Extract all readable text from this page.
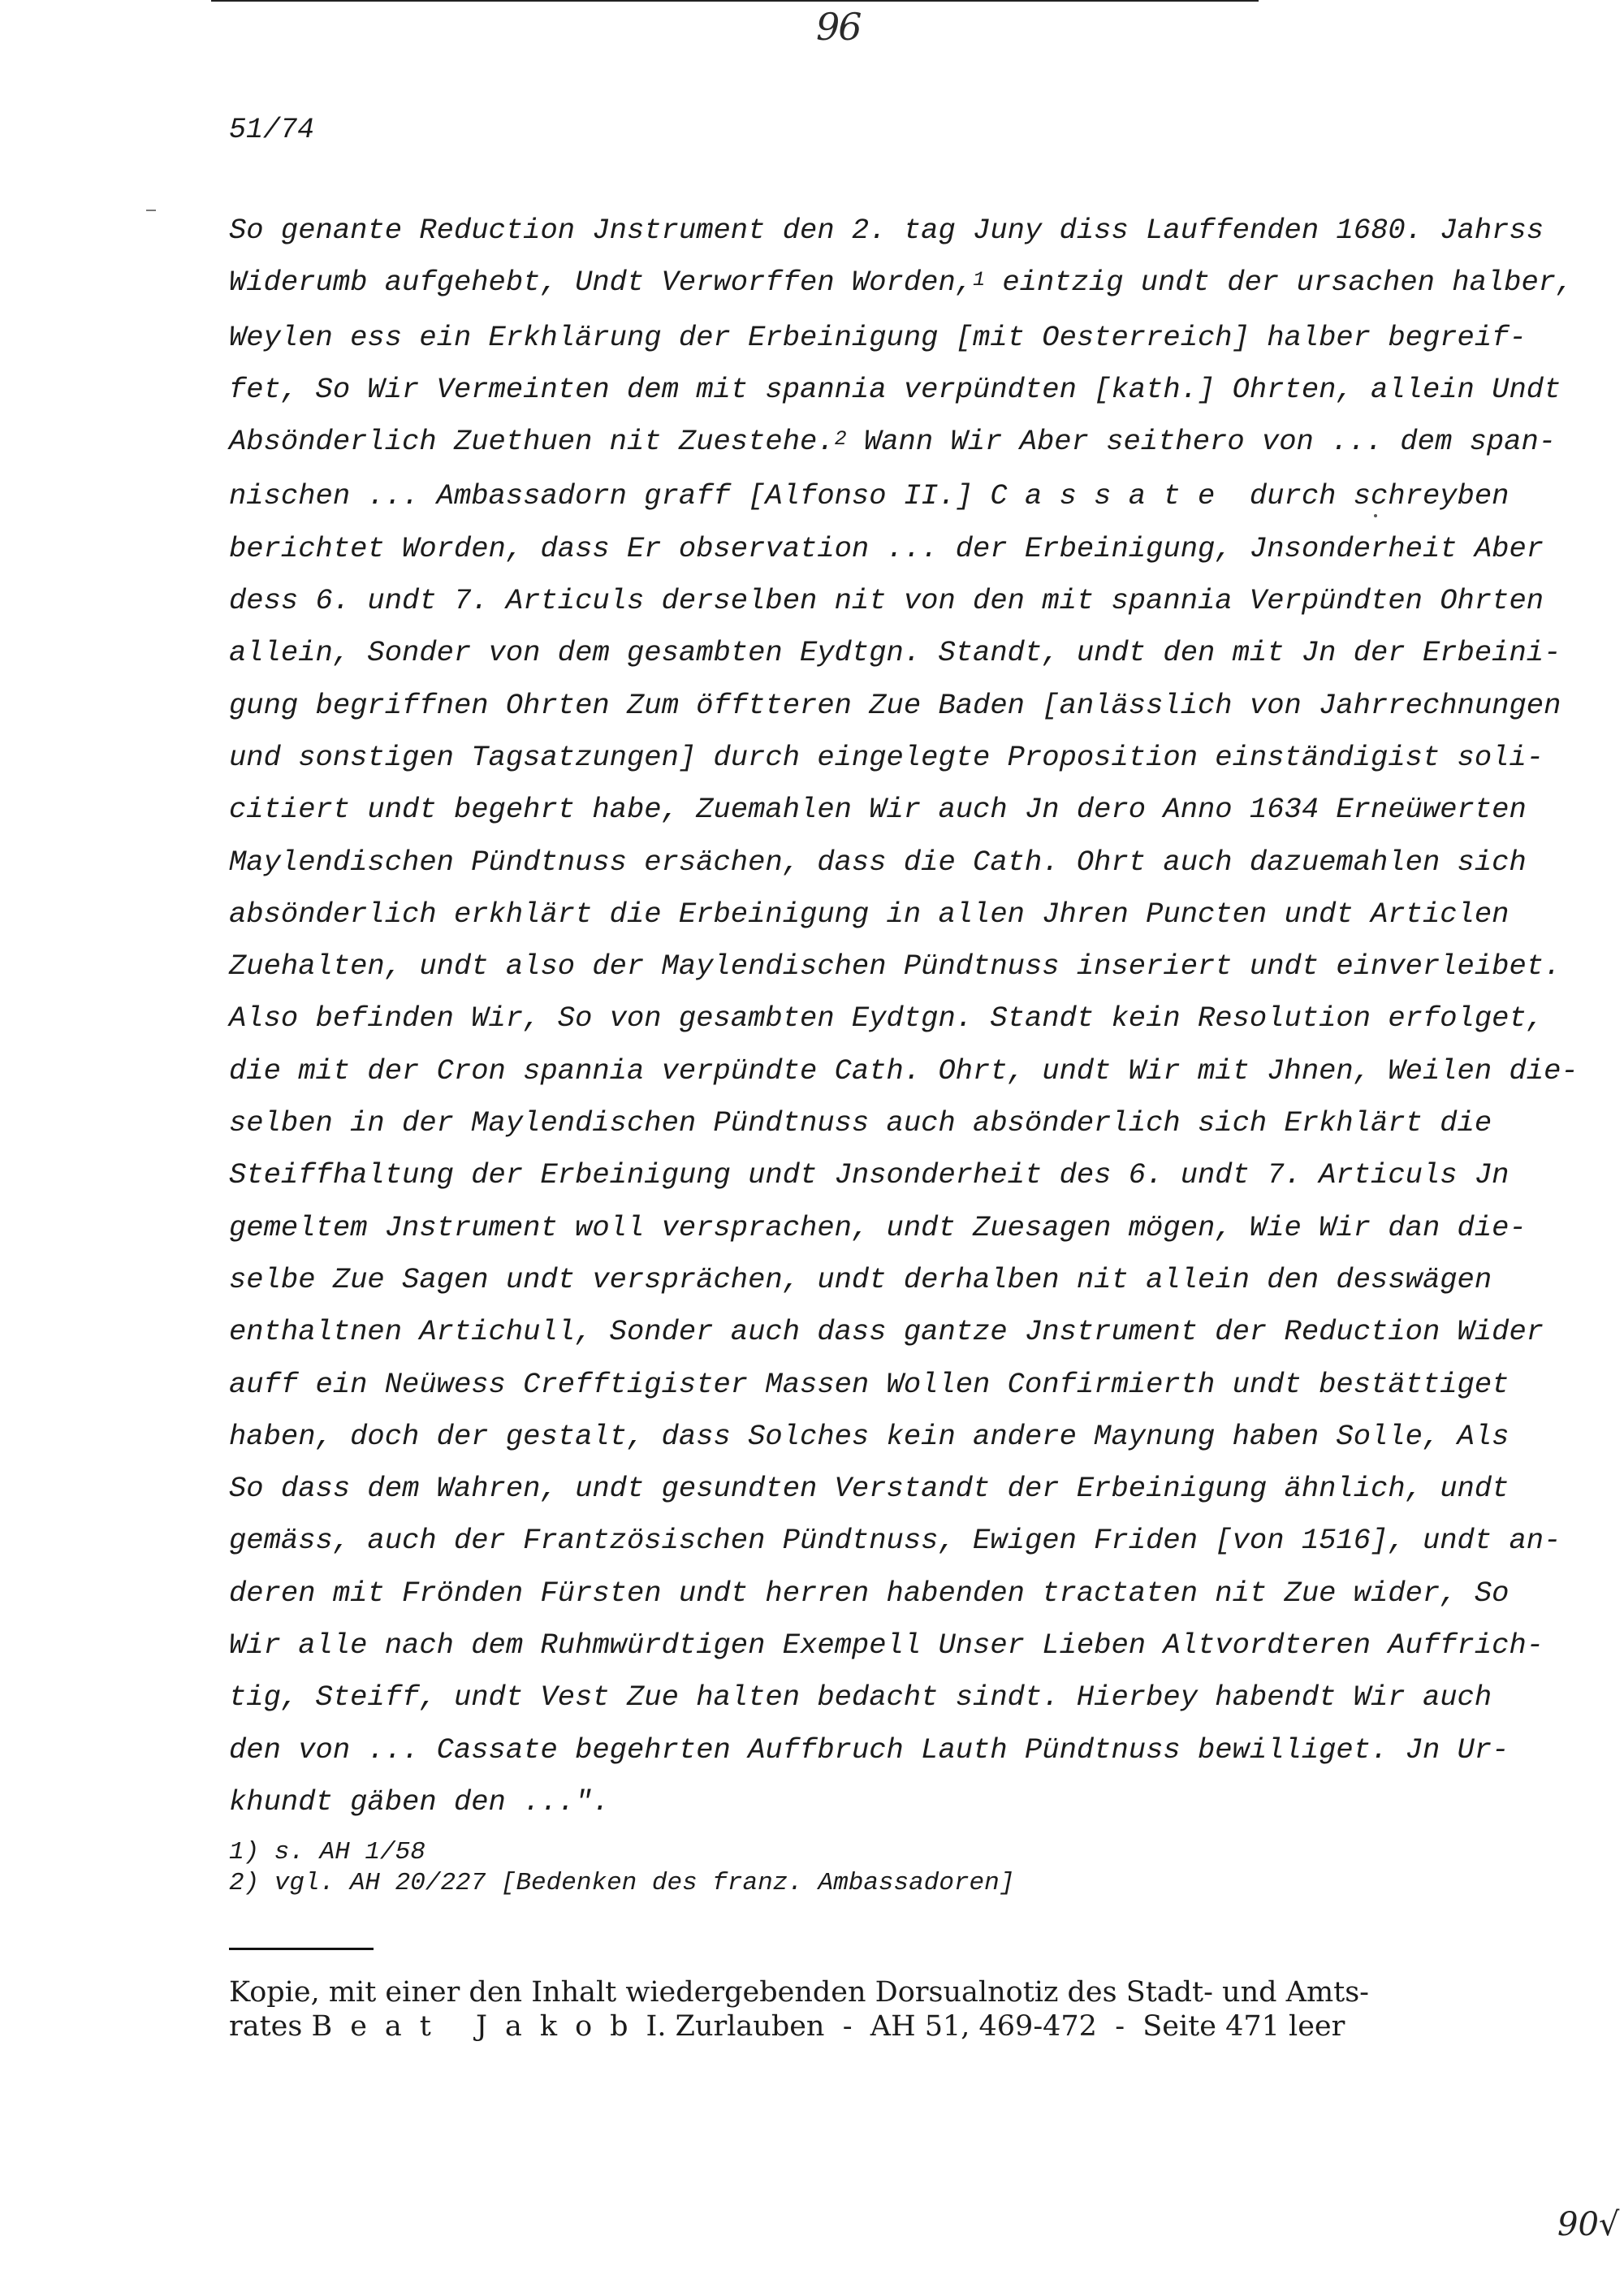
96
51/74
So genante Reduction Jnstrument den 2. tag Juny diss Lauffenden 1680. Jahrss
Widerumb aufgehebt, Undt Verworffen Worden,$^1$ eintzig undt der ursachen halber,
Weylen ess ein Erkhlärung der Erbeinigung [mit Oesterreich] halber begreif-
fet, So Wir Vermeinten dem mit spannia verpündten [kath.] Ohrten, allein Undt
Absönderlich Zuethuen nit Zuestehe.$^2$ Wann Wir Aber seithero von ... dem span-
nischen ... Ambassadorn graff [Alfonso II.] C a s s a t e  durch schreyben
berichtet Worden, dass Er observation ... der Erbeinigung, Jnsonderheit Aber
dess 6. undt 7. Articuls derselben nit von den mit spannia Verpündten Ohrten
allein, Sonder von dem gesambten Eydtgn. Standt, undt den mit Jn der Erbeini-
gung begriffnen Ohrten Zum öfftteren Zue Baden [anlässlich von Jahrrechnungen
und sonstigen Tagsatzungen] durch eingelegte Proposition einständigist soli-
citiert undt begehrt habe, Zuemahlen Wir auch Jn dero Anno 1634 Erneüwerten
Maylendischen Pündtnuss ersächen, dass die Cath. Ohrt auch dazuemahlen sich
absönderlich erkhlärt die Erbeinigung in allen Jhren Puncten undt Articlen
Zuehalten, undt also der Maylendischen Pündtnuss inseriert undt einverleibet.
Also befinden Wir, So von gesambten Eydtgn. Standt kein Resolution erfolget,
die mit der Cron spannia verpündte Cath. Ohrt, undt Wir mit Jhnen, Weilen die-
selben in der Maylendischen Pündtnuss auch absönderlich sich Erkhlärt die
Steiffhaltung der Erbeinigung undt Jnsonderheit des 6. undt 7. Articuls Jn
gemeltem Jnstrument woll versprachen, undt Zuesagen mögen, Wie Wir dan die-
selbe Zue Sagen undt versprächen, undt derhalben nit allein den desswägen
enthaltnen Artichull, Sonder auch dass gantze Jnstrument der Reduction Wider
auff ein Neüwess Crefftigister Massen Wollen Confirmierth undt bestättiget
haben, doch der gestalt, dass Solches kein andere Maynung haben Solle, Als
So dass dem Wahren, undt gesundten Verstandt der Erbeinigung ähnlich, undt
gemäss, auch der Frantzösischen Pündtnuss, Ewigen Friden [von 1516], undt an-
deren mit Frönden Fürsten undt herren habenden tractaten nit Zue wider, So
Wir alle nach dem Ruhmwürdtigen Exempell Unser Lieben Altvordteren Auffrich-
tig, Steiff, undt Vest Zue halten bedacht sindt. Hierbey habendt Wir auch
den von ... Cassate begehrten Auffbruch Lauth Pündtnuss bewilliget. Jn Ur-
khundt gäben den ...".
1) s. AH 1/58
2) vgl. AH 20/227 [Bedenken des franz. Ambassadoren]
Kopie, mit einer den Inhalt wiedergebenden Dorsualnotiz des Stadt- und Amts-
rates Beat JakobI. Zurlauben  -  AH 51, 469-472  -  Seite 471 leer
90√
